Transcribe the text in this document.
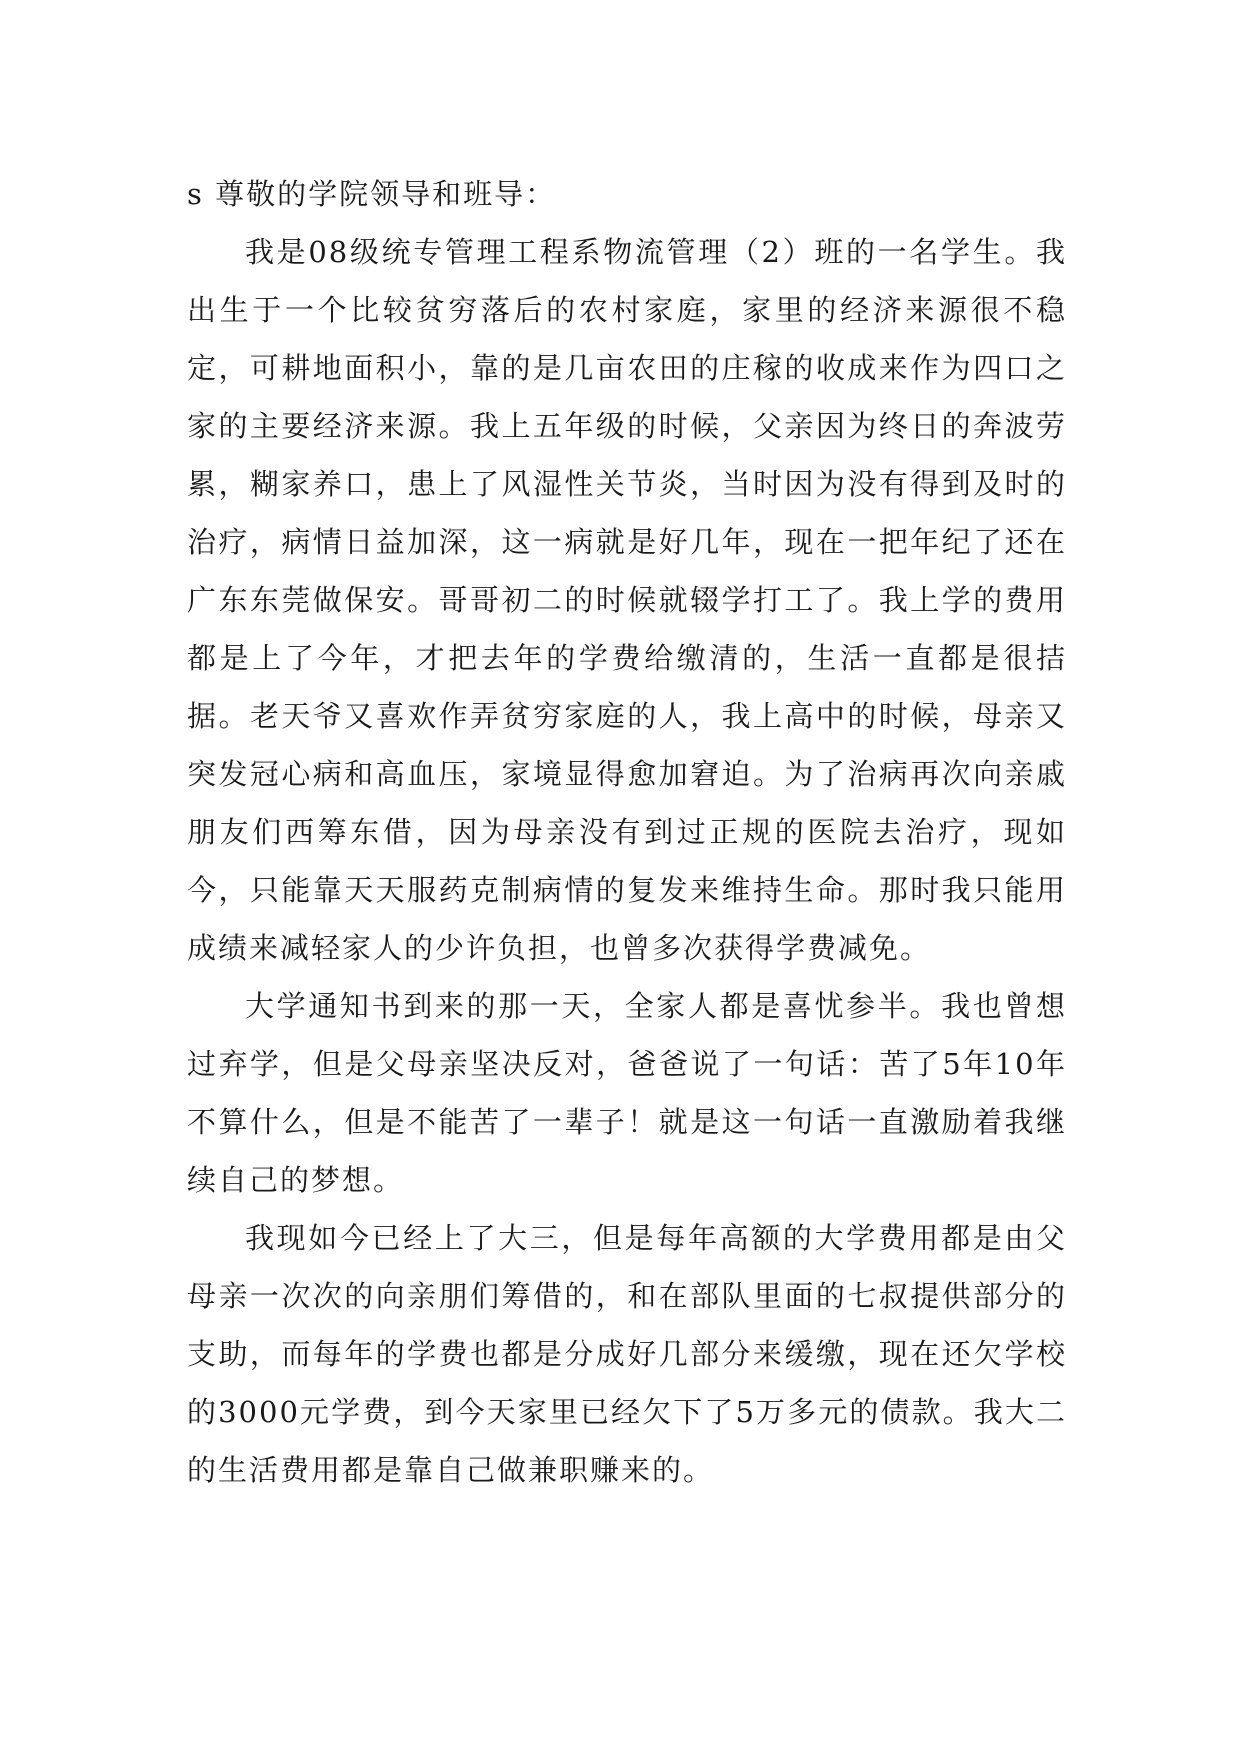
s 尊敬的学院领导和班导：

我是08级统专管理工程系物流管理（2）班的一名学生。我出生于一个比较贫穷落后的农村家庭，家里的经济来源很不稳定，可耕地面积小，靠的是几亩农田的庄稼的收成来作为四口之家的主要经济来源。我上五年级的时候，父亲因为终日的奔波劳累，糊家养口，患上了风湿性关节炎，当时因为没有得到及时的治疗，病情日益加深，这一病就是好几年，现在一把年纪了还在广东东莞做保安。哥哥初二的时候就辍学打工了。我上学的费用都是上了今年，才把去年的学费给缴清的，生活一直都是很拮据。老天爷又喜欢作弄贫穷家庭的人，我上高中的时候，母亲又突发冠心病和高血压，家境显得愈加窘迫。为了治病再次向亲戚朋友们西筹东借，因为母亲没有到过正规的医院去治疗，现如今，只能靠天天服药克制病情的复发来维持生命。那时我只能用成绩来减轻家人的少许负担，也曾多次获得学费减免。

大学通知书到来的那一天，全家人都是喜忧参半。我也曾想过弃学，但是父母亲坚决反对，爸爸说了一句话：苦了5年10年不算什么，但是不能苦了一辈子！就是这一句话一直激励着我继续自己的梦想。

我现如今已经上了大三，但是每年高额的大学费用都是由父母亲一次次的向亲朋们筹借的，和在部队里面的七叔提供部分的支助，而每年的学费也都是分成好几部分来缓缴，现在还欠学校的3000元学费，到今天家里已经欠下了5万多元的债款。我大二的生活费用都是靠自己做兼职赚来的。
